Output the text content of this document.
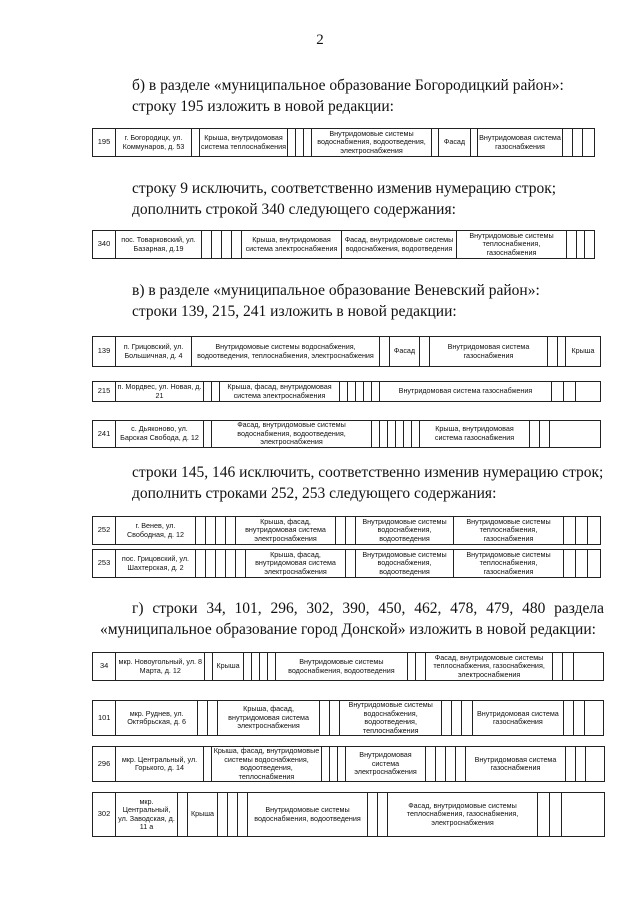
2
б) в разделе «муниципальное образование Богородицкий район»:
строку 195 изложить в новой редакции:
195	г. Богородицк, ул. Коммунаров, д. 53		Крыша, внутридомовая система теплоснабжения				Внутридомовые системы водоснабжения, водоотведения, электроснабжения		Фасад		Внутридомовая система газоснабжения			
строку 9 исключить, соответственно изменив нумерацию строк;
дополнить строкой 340 следующего содержания:
340	пос. Товарковский, ул. Базарная, д.19					Крыша, внутридомовая система электроснабжения	Фасад, внутридомовые системы водоснабжения, водоотведения	Внутридомовые системы теплоснабжения, газоснабжения			
в) в разделе «муниципальное образование Веневский район»:
строки 139, 215, 241 изложить в новой редакции:
139	п. Грицовский, ул. Большичная, д. 4	Внутридомовые системы водоснабжения, водоотведения, теплоснабжения, электроснабжения		Фасад		Внутридомовая система газоснабжения			Крыша
215	п. Мордвес, ул. Новая, д. 21			Крыша, фасад, внутридомовая система электроснабжения						Внутридомовая система газоснабжения			
241	с. Дьяконово, ул. Барская Свобода, д. 12		Фасад, внутридомовые системы водоснабжения, водоотведения, электроснабжения							Крыша, внутридомовая система газоснабжения			
строки 145, 146 исключить, соответственно изменив нумерацию строк;
дополнить строками 252, 253 следующего содержания:
252	г. Венев, ул. Свободная, д. 12					Крыша, фасад, внутридомовая система электроснабжения			Внутридомовые системы водоснабжения, водоотведения	Внутридомовые системы теплоснабжения, газоснабжения			
253	пос. Грицовский, ул. Шахтерская, д. 2						Крыша, фасад, внутридомовая система электроснабжения		Внутридомовые системы водоснабжения, водоотведения	Внутридомовые системы теплоснабжения, газоснабжения			
г) строки 34, 101, 296, 302, 390, 450, 462, 478, 479, 480 раздела
«муниципальное образование город Донской» изложить в новой редакции:
34	мкр. Новоугольный, ул. 8 Марта, д. 12		Крыша					Внутридомовые системы водоснабжения, водоотведения			Фасад, внутридомовые системы теплоснабжения, газоснабжения, электроснабжения			
101	мкр. Руднев, ул. Октябрьская, д. 6			Крыша, фасад, внутридомовая система электроснабжения			Внутридомовые системы водоснабжения, водоотведения, теплоснабжения				Внутридомовая система газоснабжения			
296	мкр. Центральный, ул. Горького, д. 14		Крыша, фасад, внутридомовые системы водоснабжения, водоотведения, теплоснабжения				Внутридомовая система электроснабжения					Внутридомовая система газоснабжения			
302	мкр. Центральный, ул. Заводская, д. 11 а		Крыша				Внутридомовые системы водоснабжения, водоотведения			Фасад, внутридомовые системы теплоснабжения, газоснабжения, электроснабжения			
